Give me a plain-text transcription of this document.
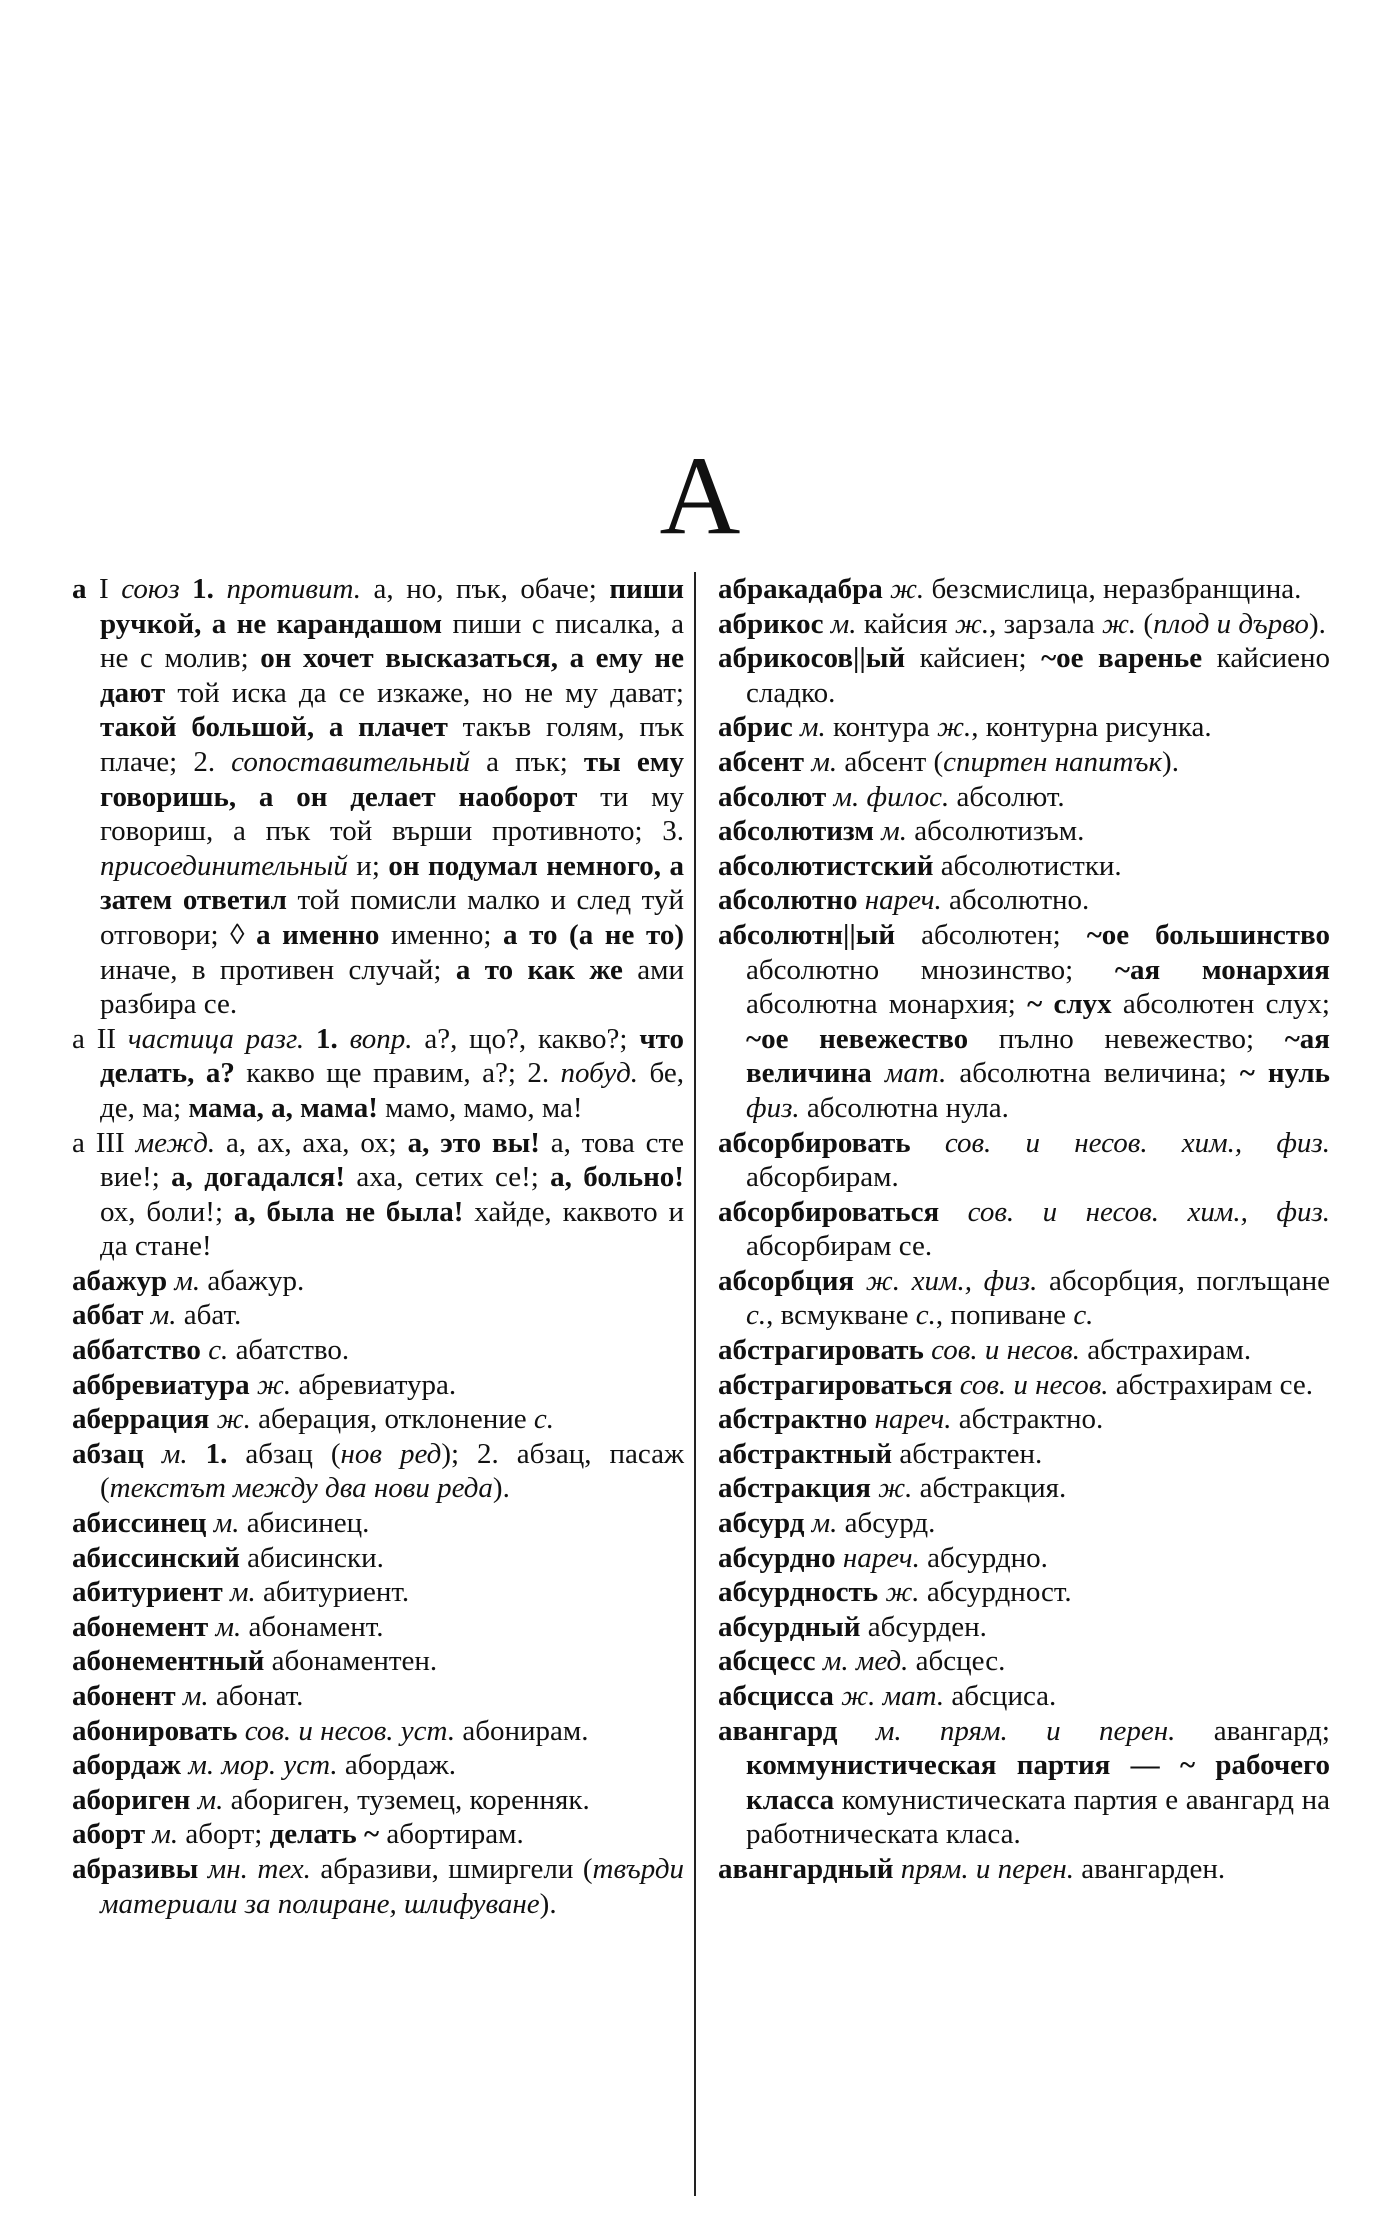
А
а I союз 1. противит. а, но, пък, обаче; пиши ручкой, а не карандашом пиши с писалка, а не с молив; он хочет высказаться, а ему не дают той иска да се изкаже, но не му дават; такой большой, а плачет такъв голям, пък плаче; 2. сопоставительный а пък; ты ему говоришь, а он делает наоборот ти му говориш, а пък той върши противното; 3. присоединительный и; он подумал немного, а затем ответил той помисли малко и след туй отговори; ◊ а именно именно; а то (а не то) иначе, в противен случай; а то как же ами разбира се.
а II частица разг. 1. вопр. а?, що?, какво?; что делать, а? какво ще правим, а?; 2. побуд. бе, де, ма; мама, а, мама! мамо, мамо, ма!
а III межд. а, ах, аха, ох; а, это вы! а, това сте вие!; а, догадался! аха, сетих се!; а, больно! ох, боли!; а, была не была! хайде, каквото и да стане!
абажур м. абажур.
аббат м. абат.
аббатство с. абатство.
аббревиатура ж. абревиатура.
аберрация ж. аберация, отклонение с.
абзац м. 1. абзац (нов ред); 2. абзац, пасаж (текстът между два нови реда).
абиссинец м. абисинец.
абиссинский абисински.
абитуриент м. абитуриент.
абонемент м. абонамент.
абонементный абонаментен.
абонент м. абонат.
абонировать сов. и несов. уст. абонирам.
абордаж м. мор. уст. абордаж.
абориген м. абориген, туземец, коренняк.
аборт м. аборт; делать ~ абортирам.
абразивы мн. тех. абразиви, шмиргели (твърди материали за полиране, шлифуване).
абракадабра ж. безсмислица, неразбранщина.
абрикос м. кайсия ж., зарзала ж. (плод и дърво).
абрикосов||ый кайсиен; ~ое варенье кайсиено сладко.
абрис м. контура ж., контурна рисунка.
абсент м. абсент (спиртен напитък).
абсолют м. филос. абсолют.
абсолютизм м. абсолютизъм.
абсолютистский абсолютистки.
абсолютно нареч. абсолютно.
абсолютн||ый абсолютен; ~ое большинство абсолютно мнозинство; ~ая монархия абсолютна монархия; ~ слух абсолютен слух; ~ое невежество пълно невежество; ~ая величина мат. абсолютна величина; ~ нуль физ. абсолютна нула.
абсорбировать сов. и несов. хим., физ. абсорбирам.
абсорбироваться сов. и несов. хим., физ. абсорбирам се.
абсорбция ж. хим., физ. абсорбция, поглъщане с., всмукване с., попиване с.
абстрагировать сов. и несов. абстрахирам.
абстрагироваться сов. и несов. абстрахирам се.
абстрактно нареч. абстрактно.
абстрактный абстрактен.
абстракция ж. абстракция.
абсурд м. абсурд.
абсурдно нареч. абсурдно.
абсурдность ж. абсурдност.
абсурдный абсурден.
абсцесс м. мед. абсцес.
абсцисса ж. мат. абсциса.
авангард м. прям. и перен. авангард; коммунистическая партия — ~ рабочего класса комунистическата партия е авангард на работническата класа.
авангардный прям. и перен. авангарден.
